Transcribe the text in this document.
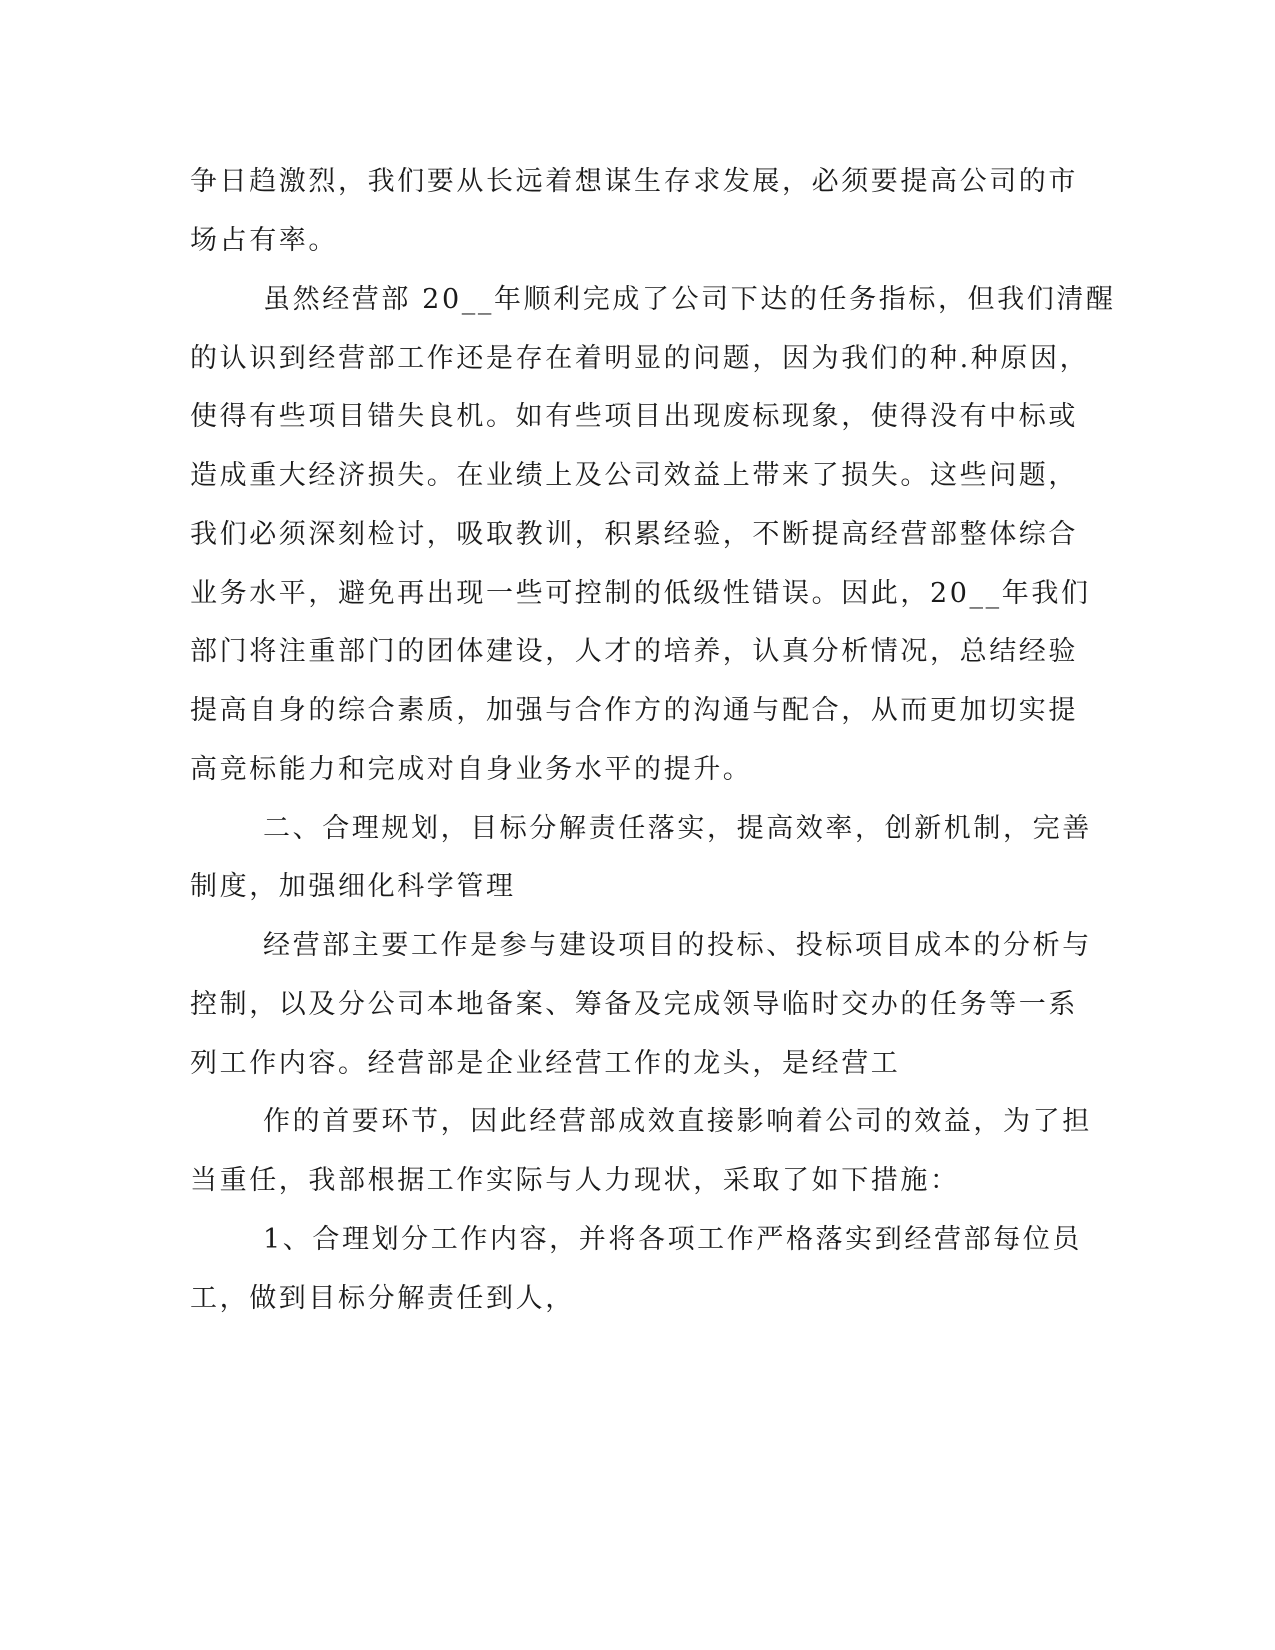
争日趋激烈，我们要从长远着想谋生存求发展，必须要提高公司的市
场占有率。
虽然经营部 20__年顺利完成了公司下达的任务指标，但我们清醒
的认识到经营部工作还是存在着明显的问题，因为我们的种.种原因，
使得有些项目错失良机。如有些项目出现废标现象，使得没有中标或
造成重大经济损失。在业绩上及公司效益上带来了损失。这些问题，
我们必须深刻检讨，吸取教训，积累经验，不断提高经营部整体综合
业务水平，避免再出现一些可控制的低级性错误。因此，20__年我们
部门将注重部门的团体建设，人才的培养，认真分析情况，总结经验
提高自身的综合素质，加强与合作方的沟通与配合，从而更加切实提
高竞标能力和完成对自身业务水平的提升。
二、合理规划，目标分解责任落实，提高效率，创新机制，完善
制度，加强细化科学管理
经营部主要工作是参与建设项目的投标、投标项目成本的分析与
控制，以及分公司本地备案、筹备及完成领导临时交办的任务等一系
列工作内容。经营部是企业经营工作的龙头，是经营工
作的首要环节，因此经营部成效直接影响着公司的效益，为了担
当重任，我部根据工作实际与人力现状，采取了如下措施：
1、合理划分工作内容，并将各项工作严格落实到经营部每位员
工，做到目标分解责任到人，
